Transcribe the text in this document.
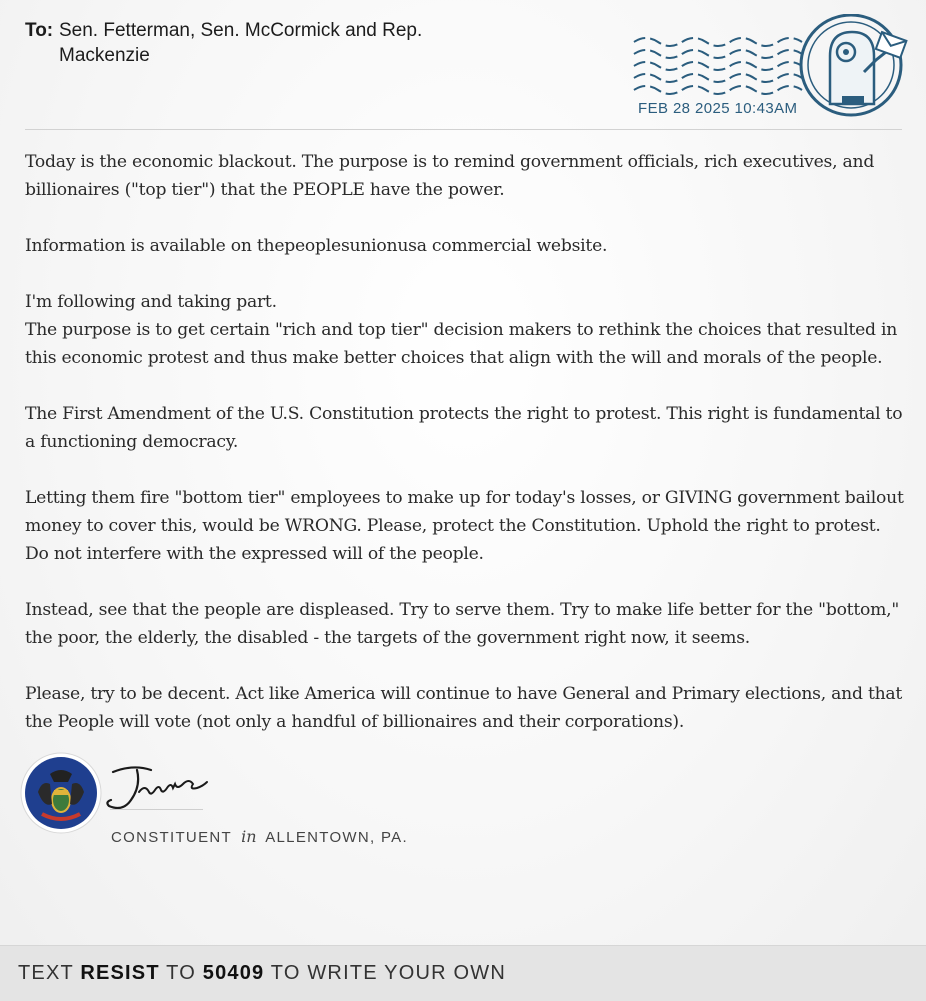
To: Sen. Fetterman, Sen. McCormick and Rep. Mackenzie
FEB 28 2025 10:43AM

Today is the economic blackout. The purpose is to remind government officials, rich executives, and billionaires ("top tier") that the PEOPLE have the power.

Information is available on thepeoplesunionusa commercial website.

I'm following and taking part.
The purpose is to get certain "rich and top tier" decision makers to rethink the choices that resulted in this economic protest and thus make better choices that align with the will and morals of the people.

The First Amendment of the U.S. Constitution protects the right to protest. This right is fundamental to a functioning democracy.

Letting them fire "bottom tier" employees to make up for today's losses, or GIVING government bailout money to cover this, would be WRONG. Please, protect the Constitution. Uphold the right to protest. Do not interfere with the expressed will of the people.

Instead, see that the people are displeased. Try to serve them. Try to make life better for the "bottom," the poor, the elderly, the disabled - the targets of the government right now, it seems.

Please, try to be decent. Act like America will continue to have General and Primary elections, and that the People will vote (not only a handful of billionaires and their corporations).

CONSTITUENT in ALLENTOWN, PA.
TEXT RESIST TO 50409 TO WRITE YOUR OWN
